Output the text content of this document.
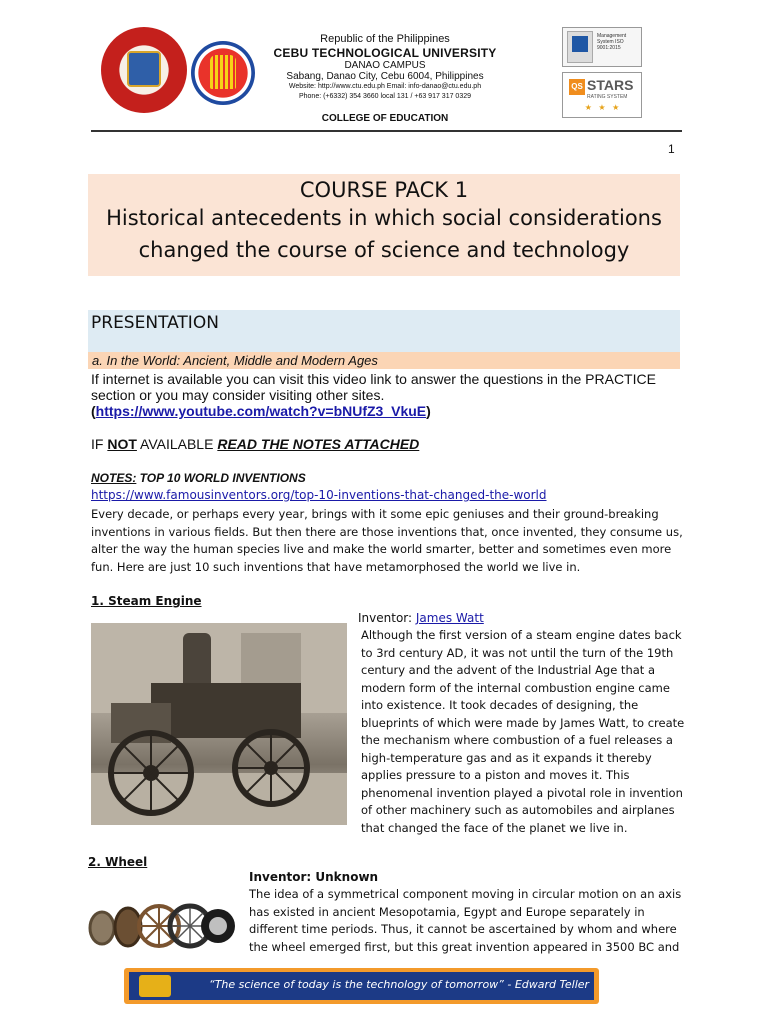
Republic of the Philippines
CEBU TECHNOLOGICAL UNIVERSITY
DANAO CAMPUS
Sabang, Danao City, Cebu 6004, Philippines
Website: http://www.ctu.edu.ph Email: info-danao@ctu.edu.ph
Phone: (+6332) 354 3660 local 131 / +63 917 317 0329
COLLEGE OF EDUCATION
Management System ISO 9001:2015
QS STARS
RATING SYSTEM
★ ★ ★
1
COURSE PACK 1
Historical antecedents in which social considerations
changed the course of science and technology
PRESENTATION
a. In the World: Ancient, Middle and Modern Ages
If internet is available you can visit this video link to answer the questions in the PRACTICE
section or you may consider visiting other sites.
(https://www.youtube.com/watch?v=bNUfZ3_VkuE)
IF NOT AVAILABLE READ THE NOTES ATTACHED
NOTES: TOP 10 WORLD INVENTIONS
https://www.famousinventors.org/top-10-inventions-that-changed-the-world
Every decade, or perhaps every year, brings with it some epic geniuses and their ground-breaking inventions in various fields. But then there are those inventions that, once invented, they consume us, alter the way the human species live and make the world smarter, better and sometimes even more fun. Here are just 10 such inventions that have metamorphosed the world we live in.
1. Steam Engine
Inventor: James Watt
Although the first version of a steam engine dates back to 3rd century AD, it was not until the turn of the 19th century and the advent of the Industrial Age that a modern form of the internal combustion engine came into existence. It took decades of designing, the blueprints of which were made by James Watt, to create the mechanism where combustion of a fuel releases a high-temperature gas and as it expands it thereby applies pressure to a piston and moves it. This phenomenal invention played a pivotal role in invention of other machinery such as automobiles and airplanes that changed the face of the planet we live in.
2. Wheel
Inventor: Unknown
The idea of a symmetrical component moving in circular motion on an axis has existed in ancient Mesopotamia, Egypt and Europe separately in different time periods. Thus, it cannot be ascertained by whom and where the wheel emerged first, but this great invention appeared in 3500 BC and
“The science of today is the technology of tomorrow” - Edward Teller
